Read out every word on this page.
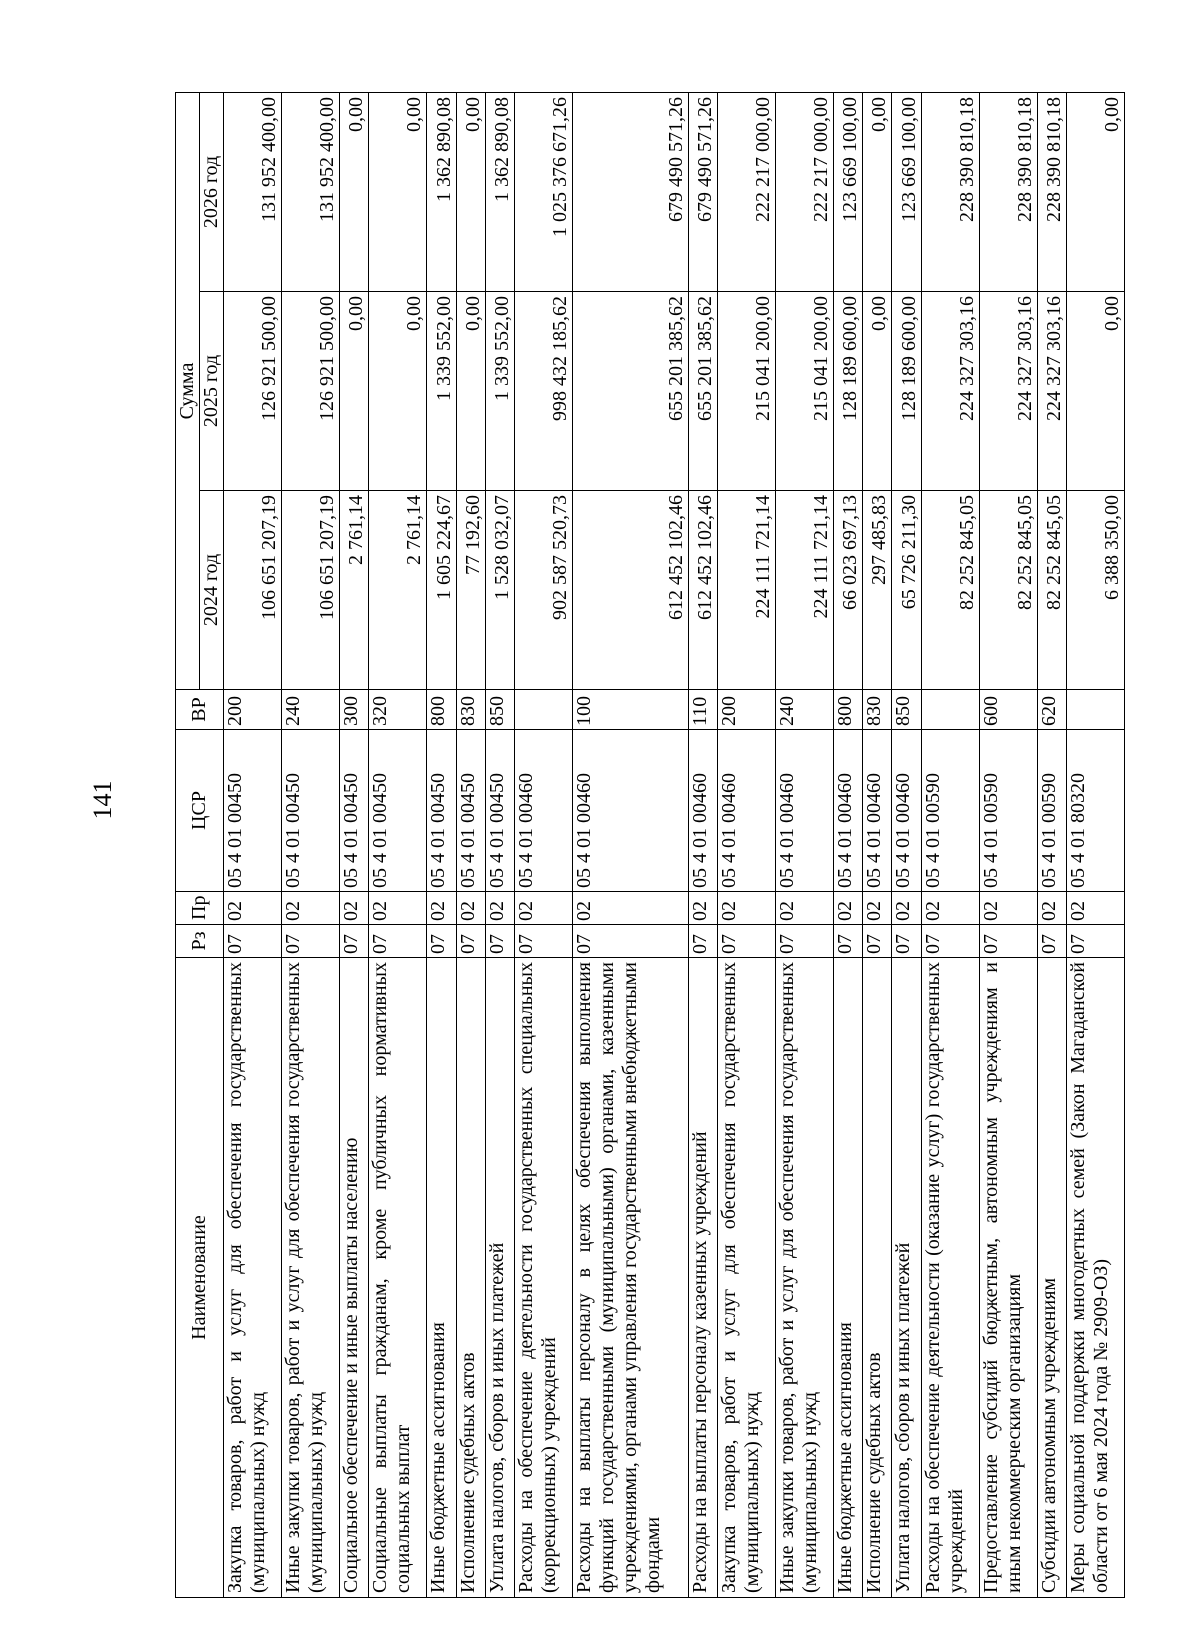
141
Наименование	Рз	Пр	ЦСР	ВР	Сумма		
					2024 год	2025 год	2026 год
Закупка товаров, работ и услуг для обеспечения государственных (муниципальных) нужд	07	02	05 4 01 00450	200	106 651 207,19	126 921 500,00	131 952 400,00
Иные закупки товаров, работ и услуг для обеспечения государственных (муниципальных) нужд	07	02	05 4 01 00450	240	106 651 207,19	126 921 500,00	131 952 400,00
Социальное обеспечение и иные выплаты населению	07	02	05 4 01 00450	300	2 761,14	0,00	0,00
Социальные выплаты гражданам, кроме публичных нормативных социальных выплат	07	02	05 4 01 00450	320	2 761,14	0,00	0,00
Иные бюджетные ассигнования	07	02	05 4 01 00450	800	1 605 224,67	1 339 552,00	1 362 890,08
Исполнение судебных актов	07	02	05 4 01 00450	830	77 192,60	0,00	0,00
Уплата налогов, сборов и иных платежей	07	02	05 4 01 00450	850	1 528 032,07	1 339 552,00	1 362 890,08
Расходы на обеспечение деятельности государственных специальных (коррекционных) учреждений	07	02	05 4 01 00460		902 587 520,73	998 432 185,62	1 025 376 671,26
Расходы на выплаты персоналу в целях обеспечения выполнения функций государственными (муниципальными) органами, казенными учреждениями, органами управления государственными внебюджетными фондами	07	02	05 4 01 00460	100	612 452 102,46	655 201 385,62	679 490 571,26
Расходы на выплаты персоналу казенных учреждений	07	02	05 4 01 00460	110	612 452 102,46	655 201 385,62	679 490 571,26
Закупка товаров, работ и услуг для обеспечения государственных (муниципальных) нужд	07	02	05 4 01 00460	200	224 111 721,14	215 041 200,00	222 217 000,00
Иные закупки товаров, работ и услуг для обеспечения государственных (муниципальных) нужд	07	02	05 4 01 00460	240	224 111 721,14	215 041 200,00	222 217 000,00
Иные бюджетные ассигнования	07	02	05 4 01 00460	800	66 023 697,13	128 189 600,00	123 669 100,00
Исполнение судебных актов	07	02	05 4 01 00460	830	297 485,83	0,00	0,00
Уплата налогов, сборов и иных платежей	07	02	05 4 01 00460	850	65 726 211,30	128 189 600,00	123 669 100,00
Расходы на обеспечение деятельности (оказание услуг) государственных учреждений	07	02	05 4 01 00590		82 252 845,05	224 327 303,16	228 390 810,18
Предоставление субсидий бюджетным, автономным учреждениям и иным некоммерческим организациям	07	02	05 4 01 00590	600	82 252 845,05	224 327 303,16	228 390 810,18
Субсидии автономным учреждениям	07	02	05 4 01 00590	620	82 252 845,05	224 327 303,16	228 390 810,18
Меры социальной поддержки многодетных семей (Закон Магаданской области от 6 мая 2024 года № 2909-ОЗ)	07	02	05 4 01 80320		6 388 350,00	0,00	0,00
